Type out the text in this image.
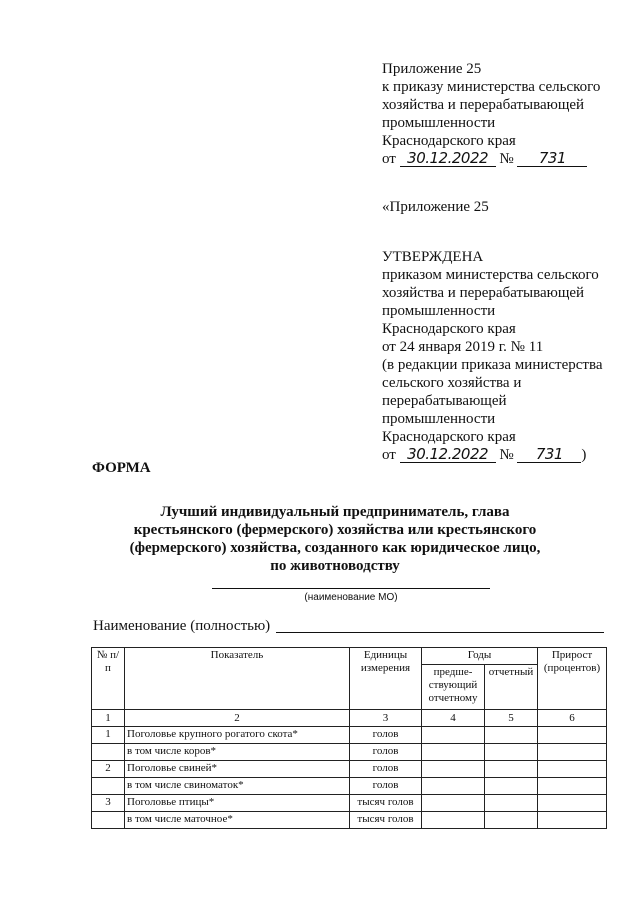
Приложение 25
к приказу министерства сельского
хозяйства и перерабатывающей
промышленности
Краснодарского края
от 30.12.2022 № 731
«Приложение 25
УТВЕРЖДЕНА
приказом министерства сельского
хозяйства и перерабатывающей
промышленности
Краснодарского края
от 24 января 2019 г. № 11
(в редакции приказа министерства
сельского хозяйства и
перерабатывающей
промышленности
Краснодарского края
от 30.12.2022 № 731 )
ФОРМА
Лучший индивидуальный предприниматель, глава
крестьянского (фермерского) хозяйства или крестьянского
(фермерского) хозяйства, созданного как юридическое лицо,
по животноводству
(наименование МО)
Наименование (полностью)
№ п/п	Показатель	Единицы измерения	Годы		Прирост (процентов)
			предше-ствующий отчетному	отчетный	
1	2	3	4	5	6
1	Поголовье крупного рогатого скота*	голов			
	в том числе коров*	голов			
2	Поголовье свиней*	голов			
	в том числе свиноматок*	голов			
3	Поголовье птицы*	тысяч голов			
	в том числе маточное*	тысяч голов			
